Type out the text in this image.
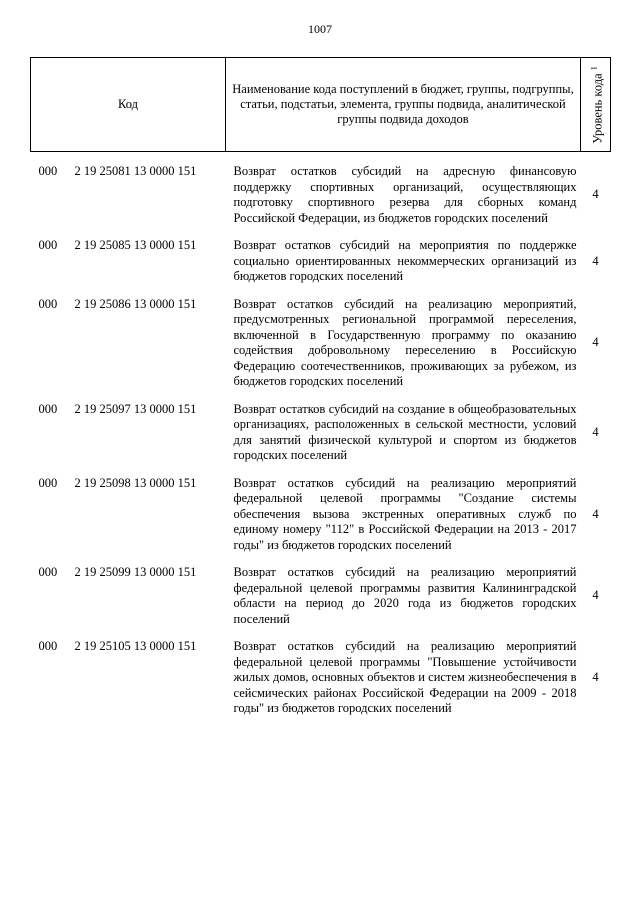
1007
Код		Наименование кода поступлений в бюджет, группы, подгруппы, статьи, подстатьи, элемента, группы подвида, аналитической группы подвида доходов	Уровень кода $^1$

000	2 19 25081 13 0000 151	Возврат остатков субсидий на адресную финансовую поддержку спортивных организаций, осуществляющих подготовку спортивного резерва для сборных команд Российской Федерации, из бюджетов городских поселений	4

000	2 19 25085 13 0000 151	Возврат остатков субсидий на мероприятия по поддержке социально ориентированных некоммерческих организаций из бюджетов городских поселений	4

000	2 19 25086 13 0000 151	Возврат остатков субсидий на реализацию мероприятий, предусмотренных региональной программой переселения, включенной в Государственную программу по оказанию содействия добровольному переселению в Российскую Федерацию соотечественников, проживающих за рубежом, из бюджетов городских поселений	4

000	2 19 25097 13 0000 151	Возврат остатков субсидий на создание в общеобразовательных организациях, расположенных в сельской местности, условий для занятий физической культурой и спортом из бюджетов городских поселений	4

000	2 19 25098 13 0000 151	Возврат остатков субсидий на реализацию мероприятий федеральной целевой программы "Создание системы обеспечения вызова экстренных оперативных служб по единому номеру "112" в Российской Федерации на 2013 - 2017 годы" из бюджетов городских поселений	4

000	2 19 25099 13 0000 151	Возврат остатков субсидий на реализацию мероприятий федеральной целевой программы развития Калининградской области на период до 2020 года из бюджетов городских поселений	4

000	2 19 25105 13 0000 151	Возврат остатков субсидий на реализацию мероприятий федеральной целевой программы "Повышение устойчивости жилых домов, основных объектов и систем жизнеобеспечения в сейсмических районах Российской Федерации на 2009 - 2018 годы" из бюджетов городских поселений	4
